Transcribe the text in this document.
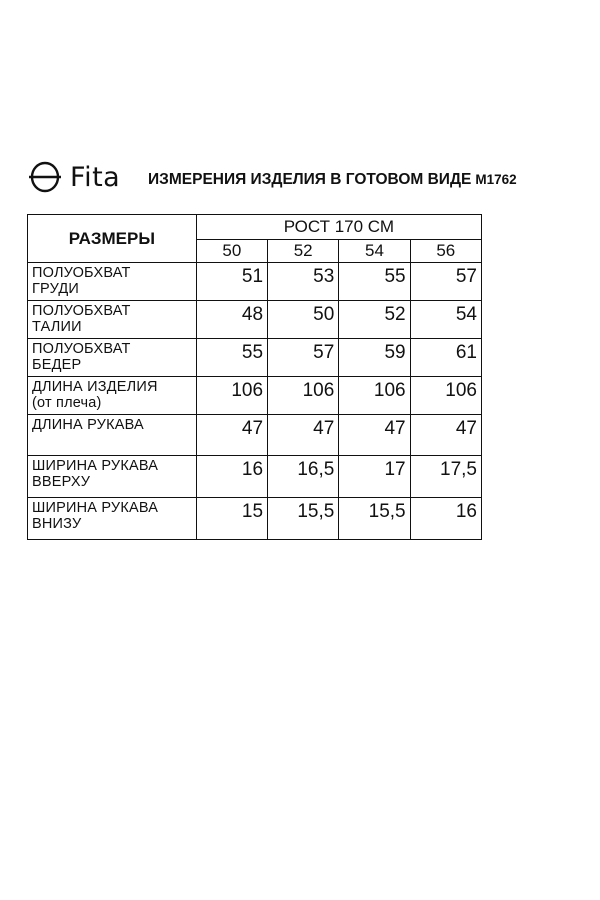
Fita ИЗМЕРЕНИЯ ИЗДЕЛИЯ В ГОТОВОМ ВИДЕ М1762
РАЗМЕРЫ	РОСТ 170 СМ			
	50	52	54	56
ПОЛУОБХВАТ
ГРУДИ	51	53	55	57
ПОЛУОБХВАТ
ТАЛИИ	48	50	52	54
ПОЛУОБХВАТ
БЕДЕР	55	57	59	61
ДЛИНА ИЗДЕЛИЯ
(от плеча)	106	106	106	106
ДЛИНА РУКАВА	47	47	47	47
ШИРИНА РУКАВА
ВВЕРХУ	16	16,5	17	17,5
ШИРИНА РУКАВА
ВНИЗУ	15	15,5	15,5	16
